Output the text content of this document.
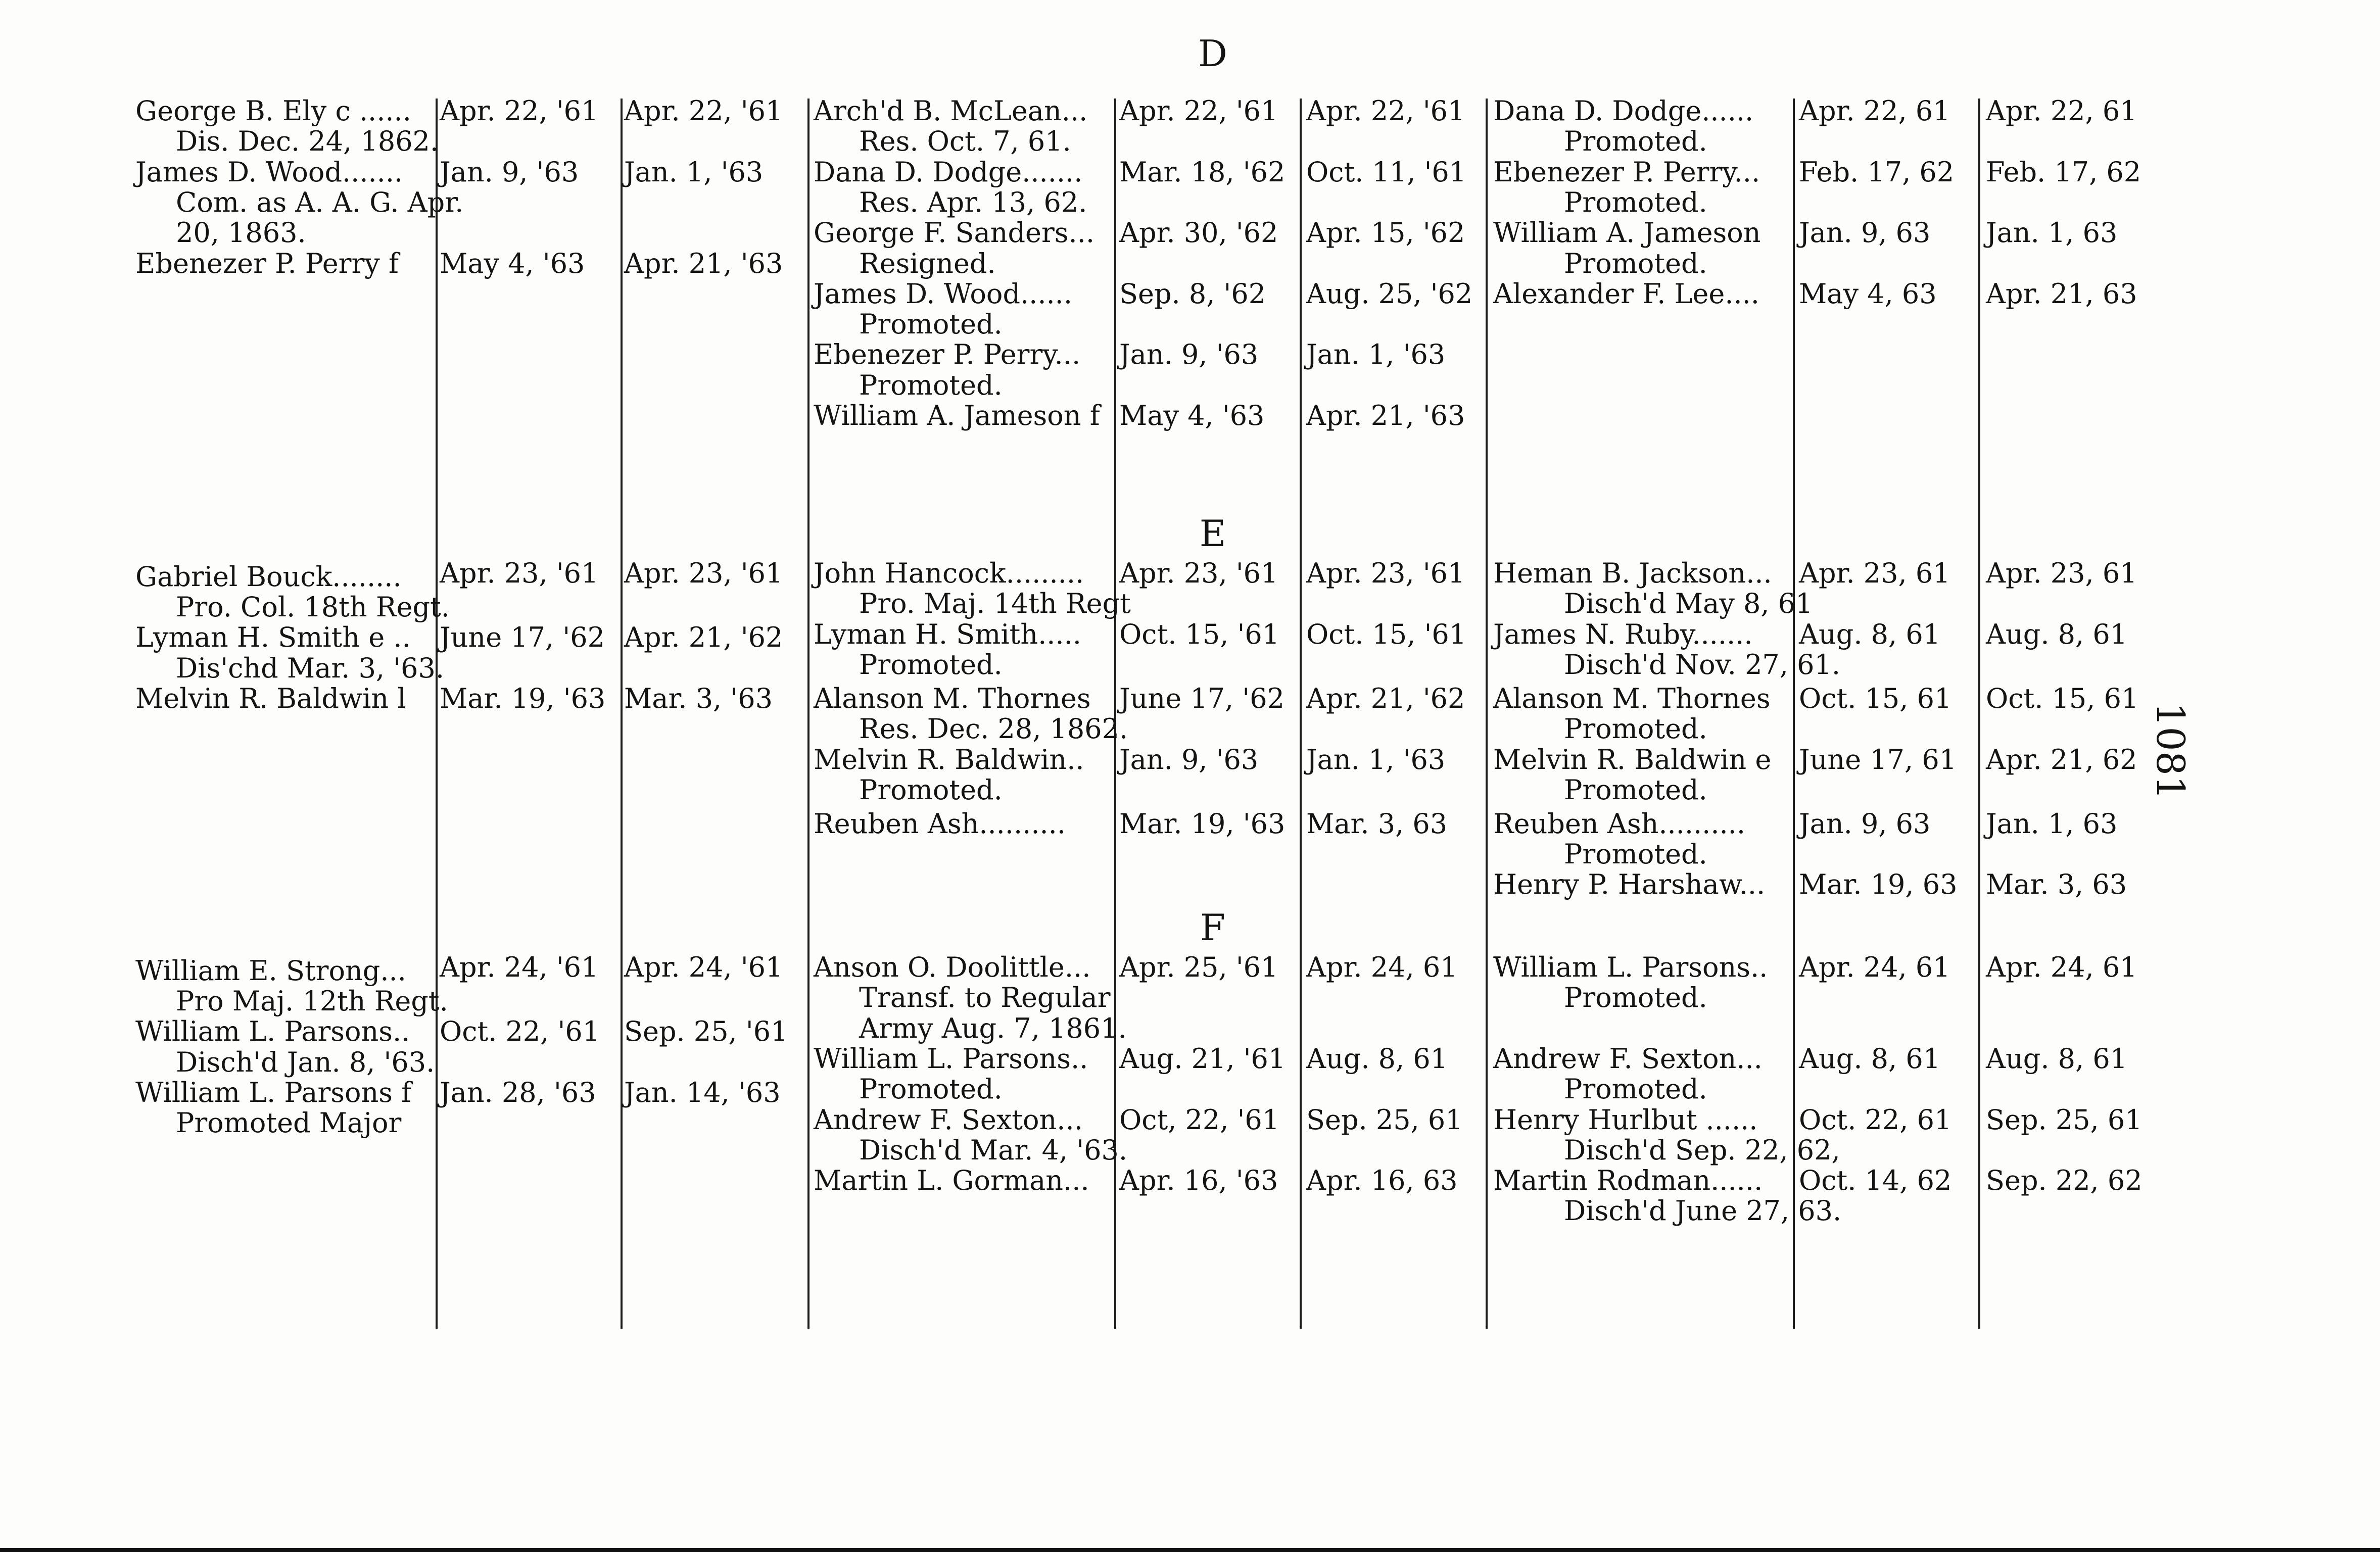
D
George B. Ely c ......
Dis. Dec. 24, 1862.
James D. Wood.......
Com. as A. A. G. Apr.
20, 1863.
Ebenezer P. Perry f
Apr. 22, '61
Jan. 9, '63
May 4, '63
Apr. 22, '61
Jan. 1, '63
Apr. 21, '63
Arch'd B. McLean...
Res. Oct. 7, 61.
Dana D. Dodge.......
Res. Apr. 13, 62.
George F. Sanders...
Resigned.
James D. Wood......
Promoted.
Ebenezer P. Perry...
Promoted.
William A. Jameson f
Apr. 22, '61
Mar. 18, '62
Apr. 30, '62
Sep. 8, '62
Jan. 9, '63
May 4, '63
Apr. 22, '61
Oct. 11, '61
Apr. 15, '62
Aug. 25, '62
Jan. 1, '63
Apr. 21, '63
Dana D. Dodge......
Promoted.
Ebenezer P. Perry...
Promoted.
William A. Jameson
Promoted.
Alexander F. Lee....
Apr. 22, 61
Feb. 17, 62
Jan. 9, 63
May 4, 63
Apr. 22, 61
Feb. 17, 62
Jan. 1, 63
Apr. 21, 63
E
Gabriel Bouck........
Pro. Col. 18th Regt.
Lyman H. Smith e ..
Dis'chd Mar. 3, '63.
Melvin R. Baldwin l
Apr. 23, '61
June 17, '62
Mar. 19, '63
Apr. 23, '61
Apr. 21, '62
Mar. 3, '63
John Hancock.........
Pro. Maj. 14th Regt
Lyman H. Smith.....
Promoted.
Alanson M. Thornes
Res. Dec. 28, 1862.
Melvin R. Baldwin..
Promoted.
Reuben Ash..........
Apr. 23, '61
Oct. 15, '61
June 17, '62
Jan. 9, '63
Mar. 19, '63
Apr. 23, '61
Oct. 15, '61
Apr. 21, '62
Jan. 1, '63
Mar. 3, 63
Heman B. Jackson...
Disch'd May 8, 61
James N. Ruby.......
Disch'd Nov. 27, 61.
Alanson M. Thornes
Promoted.
Melvin R. Baldwin e
Promoted.
Reuben Ash..........
Promoted.
Henry P. Harshaw...
Apr. 23, 61
Aug. 8, 61
Oct. 15, 61
June 17, 61
Jan. 9, 63
Mar. 19, 63
Apr. 23, 61
Aug. 8, 61
Oct. 15, 61
Apr. 21, 62
Jan. 1, 63
Mar. 3, 63
F
William E. Strong...
Pro Maj. 12th Regt.
William L. Parsons..
Disch'd Jan. 8, '63.
William L. Parsons f
Promoted Major
Apr. 24, '61
Oct. 22, '61
Jan. 28, '63
Apr. 24, '61
Sep. 25, '61
Jan. 14, '63
Anson O. Doolittle...
Transf. to Regular
Army Aug. 7, 1861.
William L. Parsons..
Promoted.
Andrew F. Sexton...
Disch'd Mar. 4, '63.
Martin L. Gorman...
Apr. 25, '61
Aug. 21, '61
Oct, 22, '61
Apr. 16, '63
Apr. 24, 61
Aug. 8, 61
Sep. 25, 61
Apr. 16, 63
William L. Parsons..
Promoted.
Andrew F. Sexton...
Promoted.
Henry Hurlbut ......
Disch'd Sep. 22, 62,
Martin Rodman......
Disch'd June 27, 63.
Apr. 24, 61
Aug. 8, 61
Oct. 22, 61
Oct. 14, 62
Apr. 24, 61
Aug. 8, 61
Sep. 25, 61
Sep. 22, 62
1081
